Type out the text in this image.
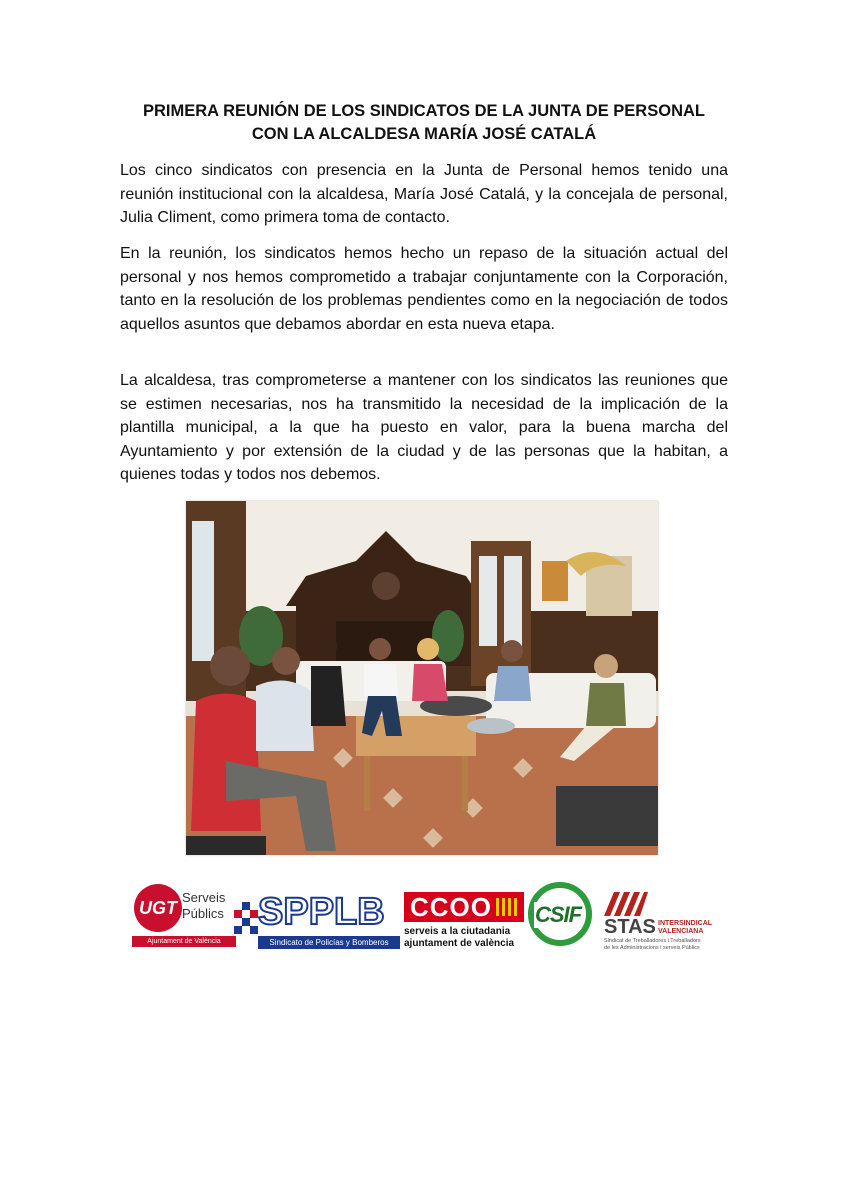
PRIMERA REUNIÓN DE LOS SINDICATOS DE LA JUNTA DE PERSONAL
CON LA ALCALDESA MARÍA JOSÉ CATALÁ

Los cinco sindicatos con presencia en la Junta de Personal hemos tenido una reunión institucional con la alcaldesa, María José Catalá, y la concejala de personal, Julia Climent, como primera toma de contacto.

En la reunión, los sindicatos hemos hecho un repaso de la situación actual del personal y nos hemos comprometido a trabajar conjuntamente con la Corporación, tanto en la resolución de los problemas pendientes como en la negociación de todos aquellos asuntos que debamos abordar en esta nueva etapa.

La alcaldesa, tras comprometerse a mantener con los sindicatos las reuniones que se estimen necesarias, nos ha transmitido la necesidad de la implicación de la plantilla municipal, a la que ha puesto en valor, para la buena marcha del Ayuntamiento y por extensión de la ciudad y de las personas que la habitan, a quienes todas y todos nos debemos.

UGT
Serveis
Públics
Ajuntament de València
SPPLB
Sindicato de Policías y Bomberos
CCOO
serveis a la ciutadania
ajuntament de valència
CSIF STAS INTERSINDICAL
VALENCIANA
Sindicat de Treballadores i Treballadors
de les Administracions i serveis Públics
